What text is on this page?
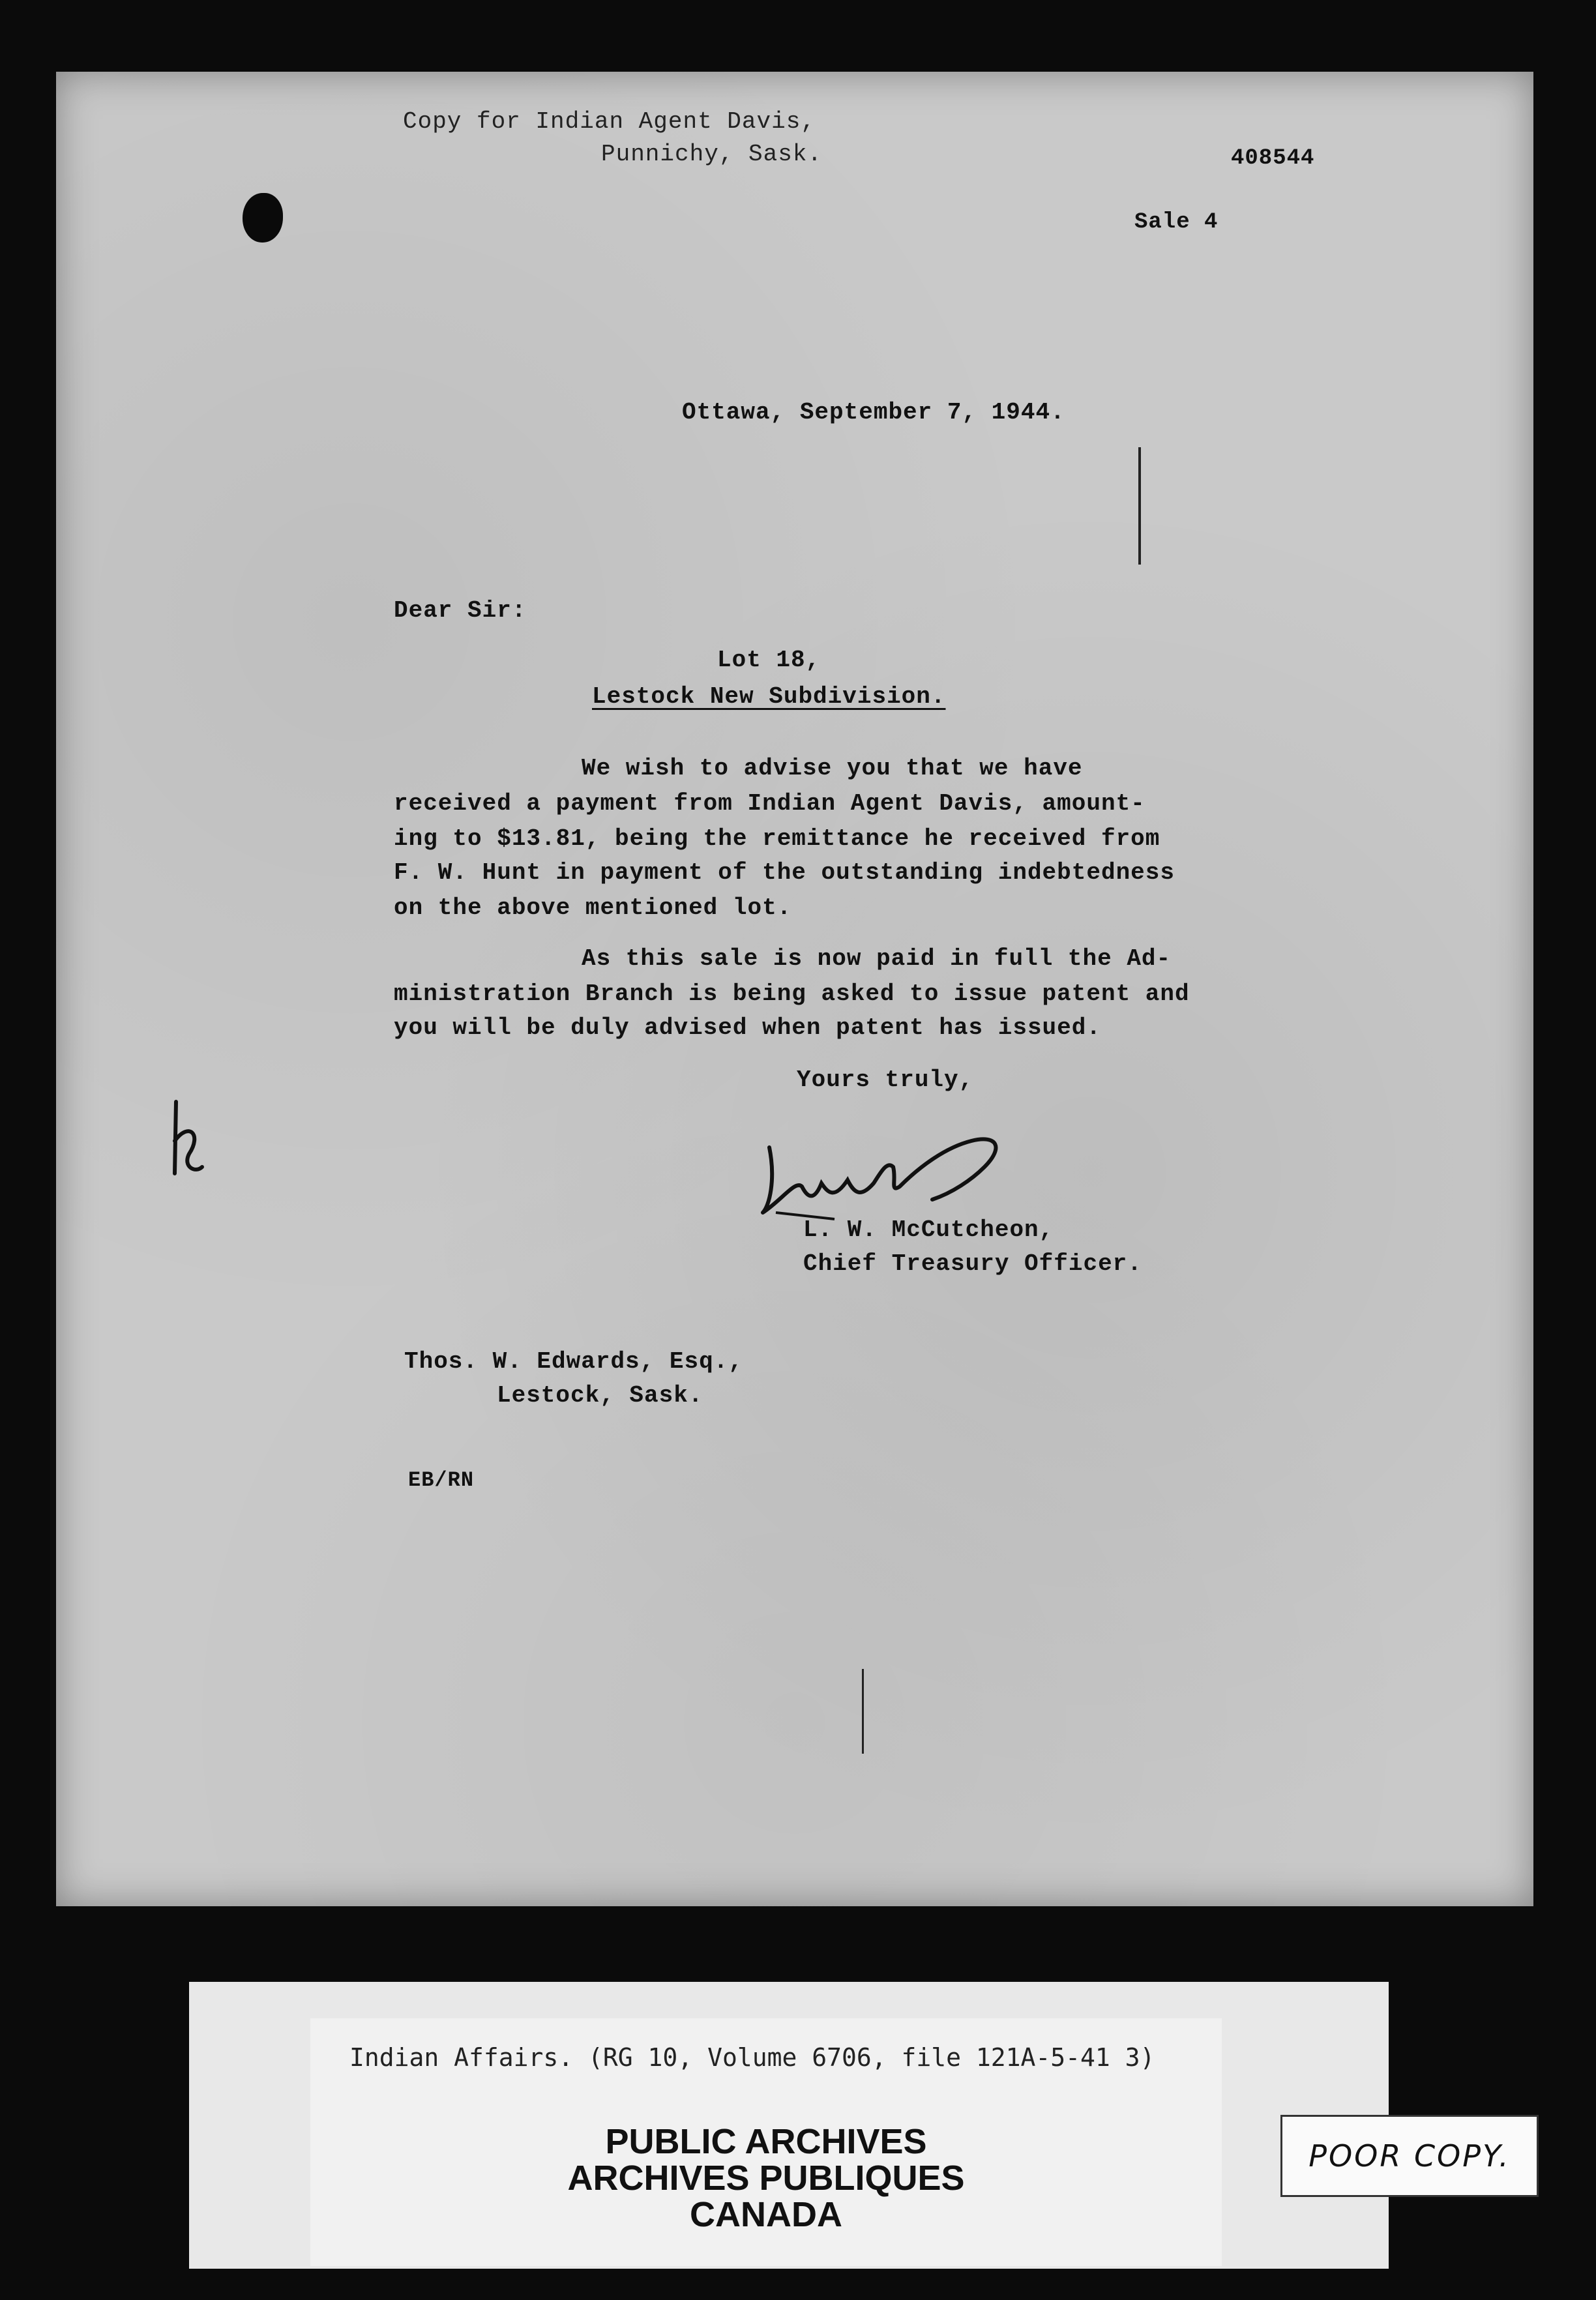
Copy for Indian Agent Davis,
Punnichy, Sask.	408544
Sale 4
Ottawa, September 7, 1944.
Dear Sir:
Lot 18,
Lestock New Subdivision.
We wish to advise you that we have
received a payment from Indian Agent Davis, amount-
ing to $13.81, being the remittance he received from
F. W. Hunt in payment of the outstanding indebtedness
on the above mentioned lot.
As this sale is now paid in full the Ad-
ministration Branch is being asked to issue patent and
you will be duly advised when patent has issued.
Yours truly,
L. W. McCutcheon,
Chief Treasury Officer.
Thos. W. Edwards, Esq.,
Lestock, Sask.
EB/RN
Indian Affairs. (RG 10, Volume 6706, file 121A-5-41 3)
PUBLIC ARCHIVES
ARCHIVES PUBLIQUES
CANADA
POOR COPY.
